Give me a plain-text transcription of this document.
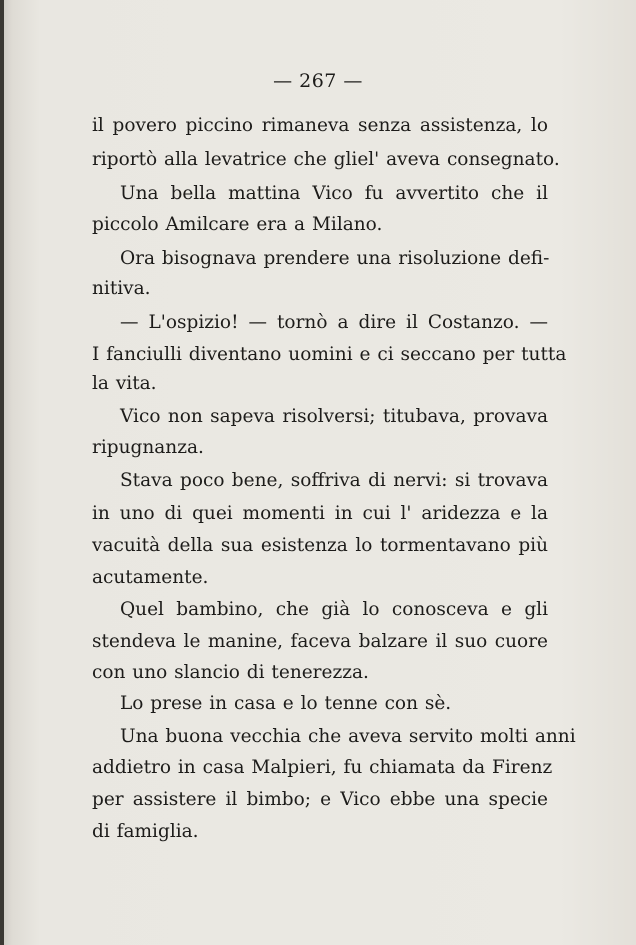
— 267 —
il povero piccino rimaneva senza assistenza, lo
riportò alla levatrice che gliel' aveva consegnato.
Una bella mattina Vico fu avvertito che il
piccolo Amilcare era a Milano.
Ora bisognava prendere una risoluzione defi-
nitiva.
— L'ospizio! — tornò a dire il Costanzo. —
I fanciulli diventano uomini e ci seccano per tutta
la vita.
Vico non sapeva risolversi; titubava, provava
ripugnanza.
Stava poco bene, soffriva di nervi: si trovava
in uno di quei momenti in cui l' aridezza e la
vacuità della sua esistenza lo tormentavano più
acutamente.
Quel bambino, che già lo conosceva e gli
stendeva le manine, faceva balzare il suo cuore
con uno slancio di tenerezza.
Lo prese in casa e lo tenne con sè.
Una buona vecchia che aveva servito molti anni
addietro in casa Malpieri, fu chiamata da Firenz
per assistere il bimbo; e Vico ebbe una specie
di famiglia.
